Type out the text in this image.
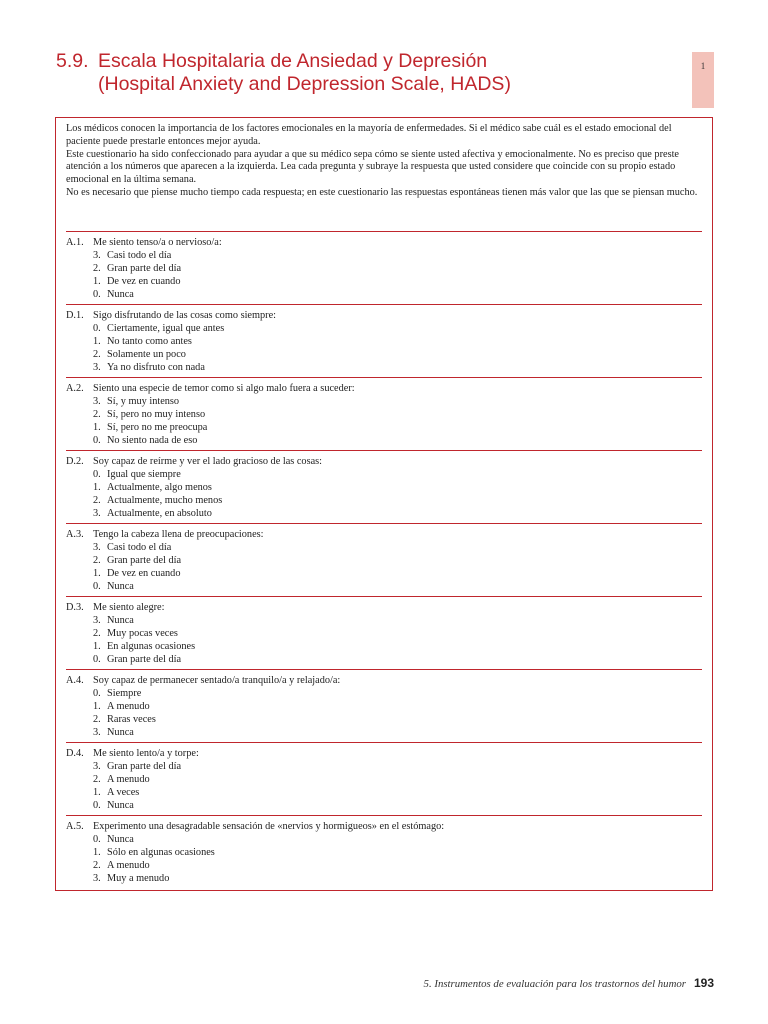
5.9. Escala Hospitalaria de Ansiedad y Depresión
(Hospital Anxiety and Depression Scale, HADS)
1

Los médicos conocen la importancia de los factores emocionales en la mayoría de enfermedades. Si el médico sabe cuál es el estado emocional del paciente puede prestarle entonces mejor ayuda.

Este cuestionario ha sido confeccionado para ayudar a que su médico sepa cómo se siente usted afectiva y emocionalmente. No es preciso que preste atención a los números que aparecen a la izquierda. Lea cada pregunta y subraye la respuesta que usted considere que coincide con su propio estado emocional en la última semana.

No es necesario que piense mucho tiempo cada respuesta; en este cuestionario las respuestas espontáneas tienen más valor que las que se piensan mucho.

A.1. Me siento tenso/a o nervioso/a:
3. Casi todo el día
2. Gran parte del día
1. De vez en cuando
0. Nunca
D.1. Sigo disfrutando de las cosas como siempre:
0. Ciertamente, igual que antes
1. No tanto como antes
2. Solamente un poco
3. Ya no disfruto con nada
A.2. Siento una especie de temor como si algo malo fuera a suceder:
3. Sí, y muy intenso
2. Sí, pero no muy intenso
1. Sí, pero no me preocupa
0. No siento nada de eso
D.2. Soy capaz de reírme y ver el lado gracioso de las cosas:
0. Igual que siempre
1. Actualmente, algo menos
2. Actualmente, mucho menos
3. Actualmente, en absoluto
A.3. Tengo la cabeza llena de preocupaciones:
3. Casi todo el día
2. Gran parte del día
1. De vez en cuando
0. Nunca
D.3. Me siento alegre:
3. Nunca
2. Muy pocas veces
1. En algunas ocasiones
0. Gran parte del día
A.4. Soy capaz de permanecer sentado/a tranquilo/a y relajado/a:
0. Siempre
1. A menudo
2. Raras veces
3. Nunca
D.4. Me siento lento/a y torpe:
3. Gran parte del día
2. A menudo
1. A veces
0. Nunca
A.5. Experimento una desagradable sensación de «nervios y hormigueos» en el estómago:
0. Nunca
1. Sólo en algunas ocasiones
2. A menudo
3. Muy a menudo
5. Instrumentos de evaluación para los trastornos del humor 193
